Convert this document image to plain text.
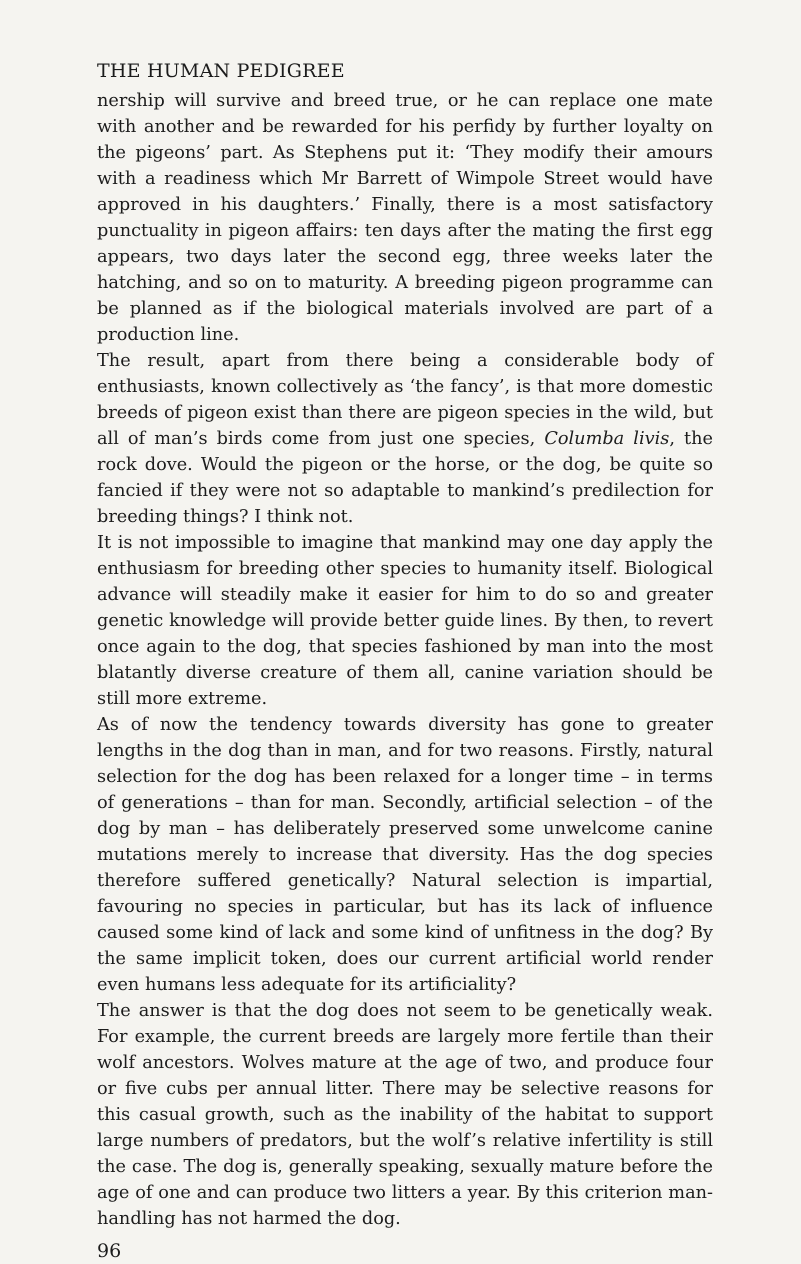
THE HUMAN PEDIGREE

nership will survive and breed true, or he can replace one mate with another and be rewarded for his perfidy by further loyalty on the pigeons’ part. As Stephens put it: ‘They modify their amours with a readiness which Mr Barrett of Wimpole Street would have approved in his daughters.’ Finally, there is a most satisfactory punctuality in pigeon affairs: ten days after the mating the first egg appears, two days later the second egg, three weeks later the hatching, and so on to maturity. A breeding pigeon programme can be planned as if the biological materials involved are part of a production line.

The result, apart from there being a considerable body of enthusiasts, known collectively as ‘the fancy’, is that more domestic breeds of pigeon exist than there are pigeon species in the wild, but all of man’s birds come from just one species, Columba livis, the rock dove. Would the pigeon or the horse, or the dog, be quite so fancied if they were not so adaptable to mankind’s predilection for breeding things? I think not.

It is not impossible to imagine that mankind may one day apply the enthusiasm for breeding other species to humanity itself. Biological advance will steadily make it easier for him to do so and greater genetic knowledge will provide better guide lines. By then, to revert once again to the dog, that species fashioned by man into the most blatantly diverse creature of them all, canine variation should be still more extreme.

As of now the tendency towards diversity has gone to greater lengths in the dog than in man, and for two reasons. Firstly, natural selection for the dog has been relaxed for a longer time – in terms of generations – than for man. Secondly, artificial selection – of the dog by man – has deliberately preserved some unwelcome canine mutations merely to increase that diversity. Has the dog species therefore suffered genetically? Natural selection is impartial, favouring no species in particular, but has its lack of influence caused some kind of lack and some kind of unfitness in the dog? By the same implicit token, does our current artificial world render even humans less adequate for its artificiality?

The answer is that the dog does not seem to be genetically weak. For example, the current breeds are largely more fertile than their wolf ancestors. Wolves mature at the age of two, and produce four or five cubs per annual litter. There may be selective reasons for this casual growth, such as the inability of the habitat to support large numbers of predators, but the wolf’s relative infertility is still the case. The dog is, generally speaking, sexually mature before the age of one and can produce two litters a year. By this criterion man-handling has not harmed the dog.

96
